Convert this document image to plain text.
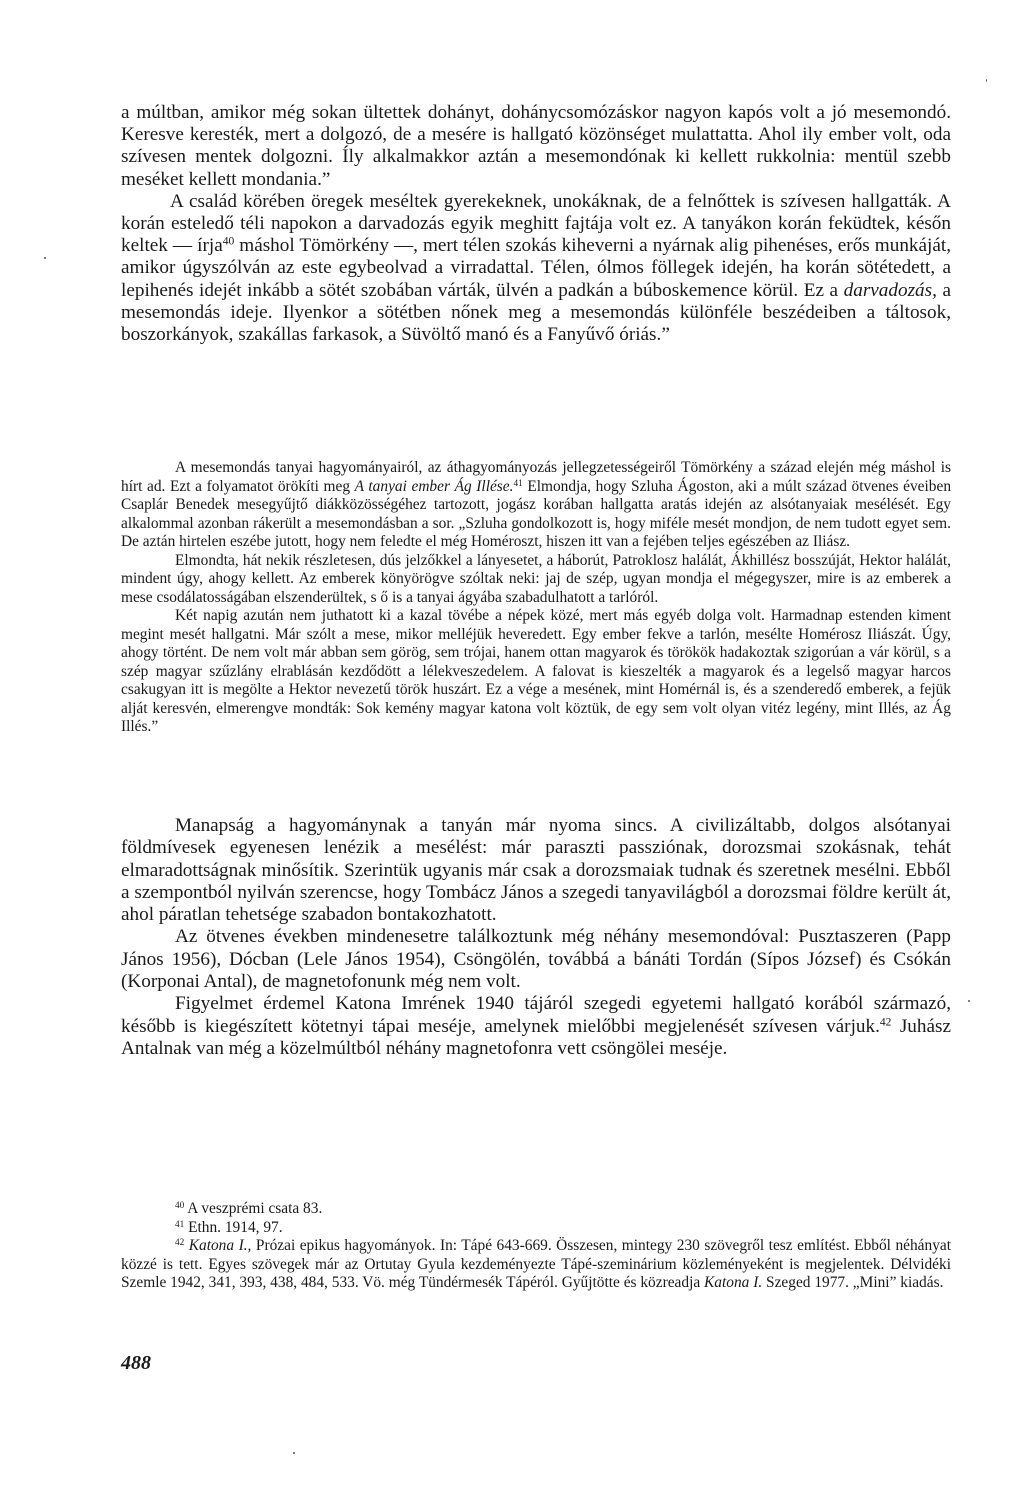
a múltban, amikor még sokan ültettek dohányt, dohánycsomózáskor nagyon kapós volt a jó mesemondó. Keresve keresték, mert a dolgozó, de a mesére is hallgató közönséget mulattatta. Ahol ily ember volt, oda szívesen mentek dolgozni. Íly alkalmakkor aztán a mesemondónak ki kellett rukkolnia: mentül szebb meséket kellett mondania.”

A család körében öregek meséltek gyerekeknek, unokáknak, de a felnőttek is szívesen hallgatták. A korán esteledő téli napokon a darvadozás egyik meghitt fajtája volt ez. A tanyákon korán feküdtek, későn keltek — írja$^{40}$ máshol Tömörkény —, mert télen szokás kiheverni a nyárnak alig pihenéses, erős munkáját, amikor úgyszólván az este egybeolvad a virradattal. Télen, ólmos föllegek idején, ha korán sötétedett, a lepihenés idejét inkább a sötét szobában várták, ülvén a padkán a búboskemence körül. Ez a darvadozás, a mesemondás ideje. Ilyenkor a sötétben nőnek meg a mesemondás különféle beszédeiben a táltosok, boszorkányok, szakállas farkasok, a Süvöltő manó és a Fanyűvő óriás.”

A mesemondás tanyai hagyományairól, az áthagyományozás jellegzetességeiről Tömörkény a század elején még máshol is hírt ad. Ezt a folyamatot örökíti meg A tanyai ember Ág Illése.$^{41}$ Elmondja, hogy Szluha Ágoston, aki a múlt század ötvenes éveiben Csaplár Benedek mesegyűjtő diákközösségéhez tartozott, jogász korában hallgatta aratás idején az alsótanyaiak mesélését. Egy alkalommal azonban rákerült a mesemondásban a sor. „Szluha gondolkozott is, hogy miféle mesét mondjon, de nem tudott egyet sem. De aztán hirtelen eszébe jutott, hogy nem feledte el még Homéroszt, hiszen itt van a fejében teljes egészében az Iliász.

Elmondta, hát nekik részletesen, dús jelzőkkel a lányesetet, a háborút, Patroklosz halálát, Ákhillész bosszúját, Hektor halálát, mindent úgy, ahogy kellett. Az emberek könyörögve szóltak neki: jaj de szép, ugyan mondja el mégegyszer, mire is az emberek a mese csodálatosságában elszenderültek, s ő is a tanyai ágyába szabadulhatott a tarlóról.

Két napig azután nem juthatott ki a kazal tövébe a népek közé, mert más egyéb dolga volt. Harmadnap estenden kiment megint mesét hallgatni. Már szólt a mese, mikor melléjük heveredett. Egy ember fekve a tarlón, mesélte Homérosz Iliászát. Úgy, ahogy történt. De nem volt már abban sem görög, sem trójai, hanem ottan magyarok és törökök hadakoztak szigorúan a vár körül, s a szép magyar szűzlány elrablásán kezdődött a lélekveszedelem. A falovat is kieszelték a magyarok és a legelső magyar harcos csakugyan itt is megölte a Hektor nevezetű török huszárt. Ez a vége a mesének, mint Homérnál is, és a szenderedő emberek, a fejük alját keresvén, elmerengve mondták: Sok kemény magyar katona volt köztük, de egy sem volt olyan vitéz legény, mint Illés, az Ág Illés.”

Manapság a hagyománynak a tanyán már nyoma sincs. A civilizáltabb, dolgos alsótanyai földmívesek egyenesen lenézik a mesélést: már paraszti passziónak, dorozsmai szokásnak, tehát elmaradottságnak minősítik. Szerintük ugyanis már csak a dorozsmaiak tudnak és szeretnek mesélni. Ebből a szempontból nyilván szerencse, hogy Tombácz János a szegedi tanyavilágból a dorozsmai földre került át, ahol páratlan tehetsége szabadon bontakozhatott.

Az ötvenes években mindenesetre találkoztunk még néhány mesemondóval: Pusztaszeren (Papp János 1956), Dócban (Lele János 1954), Csöngölén, továbbá a bánáti Tordán (Sípos József) és Csókán (Korponai Antal), de magnetofonunk még nem volt.

Figyelmet érdemel Katona Imrének 1940 tájáról szegedi egyetemi hallgató korából származó, később is kiegészített kötetnyi tápai meséje, amelynek mielőbbi megjelenését szívesen várjuk.$^{42}$ Juhász Antalnak van még a közelmúltból néhány magnetofonra vett csöngölei meséje.

$^{40}$ A veszprémi csata 83.

$^{41}$ Ethn. 1914, 97.

$^{42}$ Katona I., Prózai epikus hagyományok. In: Tápé 643-669. Összesen, mintegy 230 szövegről tesz említést. Ebből néhányat közzé is tett. Egyes szövegek már az Ortutay Gyula kezdeményezte Tápé-szeminárium közleményeként is megjelentek. Délvidéki Szemle 1942, 341, 393, 438, 484, 533. Vö. még Tündérmesék Tápéról. Gyűjtötte és közreadja Katona I. Szeged 1977. „Mini” kiadás.

488
